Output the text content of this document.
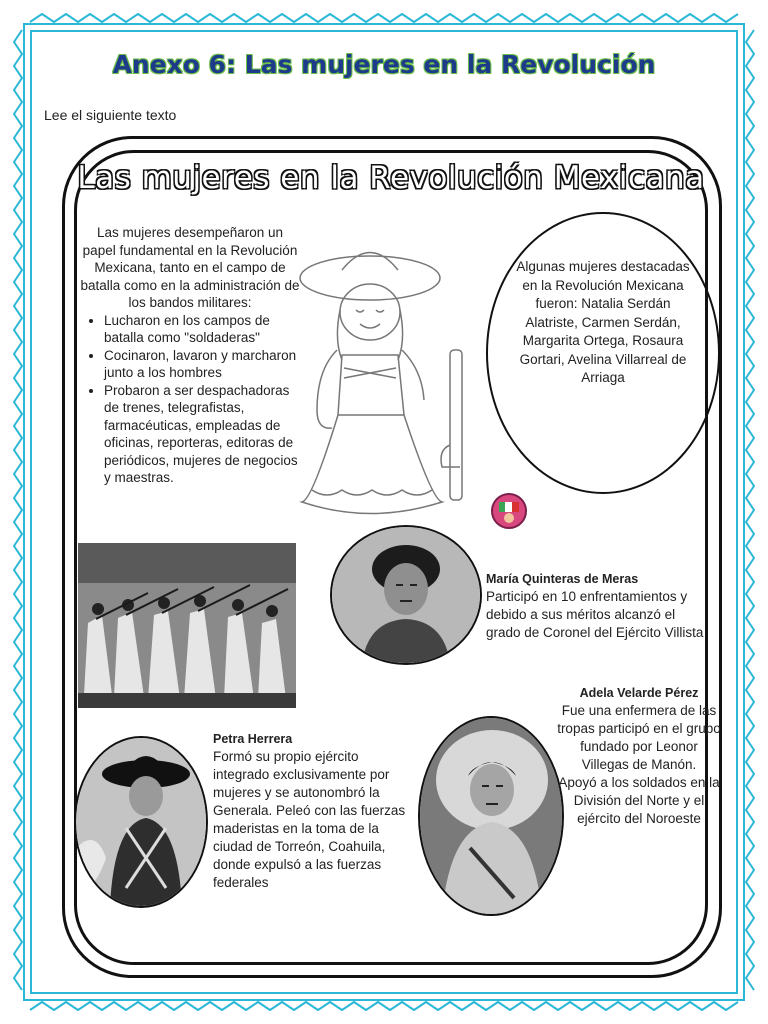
Anexo 6: Las mujeres en la Revolución
Lee el siguiente texto
Las mujeres en la Revolución Mexicana
Las mujeres desempeñaron un papel fundamental en la Revolución Mexicana, tanto en el campo de batalla como en la administración de los bandos militares:
• Lucharon en los campos de batalla como "soldaderas"
• Cocinaron, lavaron y marcharon junto a los hombres
• Probaron a ser despachadoras de trenes, telegrafistas, farmacéuticas, empleadas de oficinas, reporteras, editoras de periódicos, mujeres de negocios y maestras.
Algunas mujeres destacadas en la Revolución Mexicana fueron: Natalia Serdán Alatriste, Carmen Serdán, Margarita Ortega, Rosaura Gortari, Avelina Villarreal de Arriaga
María Quinteras de Meras
Participó en 10 enfrentamientos y debido a sus méritos alcanzó el grado de Coronel del Ejército Villista
Petra Herrera
Formó su propio ejército integrado exclusivamente por mujeres y se autonombró la Generala. Peleó con las fuerzas maderistas en la toma de la ciudad de Torreón, Coahuila, donde expulsó a las fuerzas federales
Adela Velarde Pérez
Fue una enfermera de las tropas participó en el grupo fundado por Leonor Villegas de Manón.
Apoyó a los soldados en la División del Norte y el ejército del Noroeste
